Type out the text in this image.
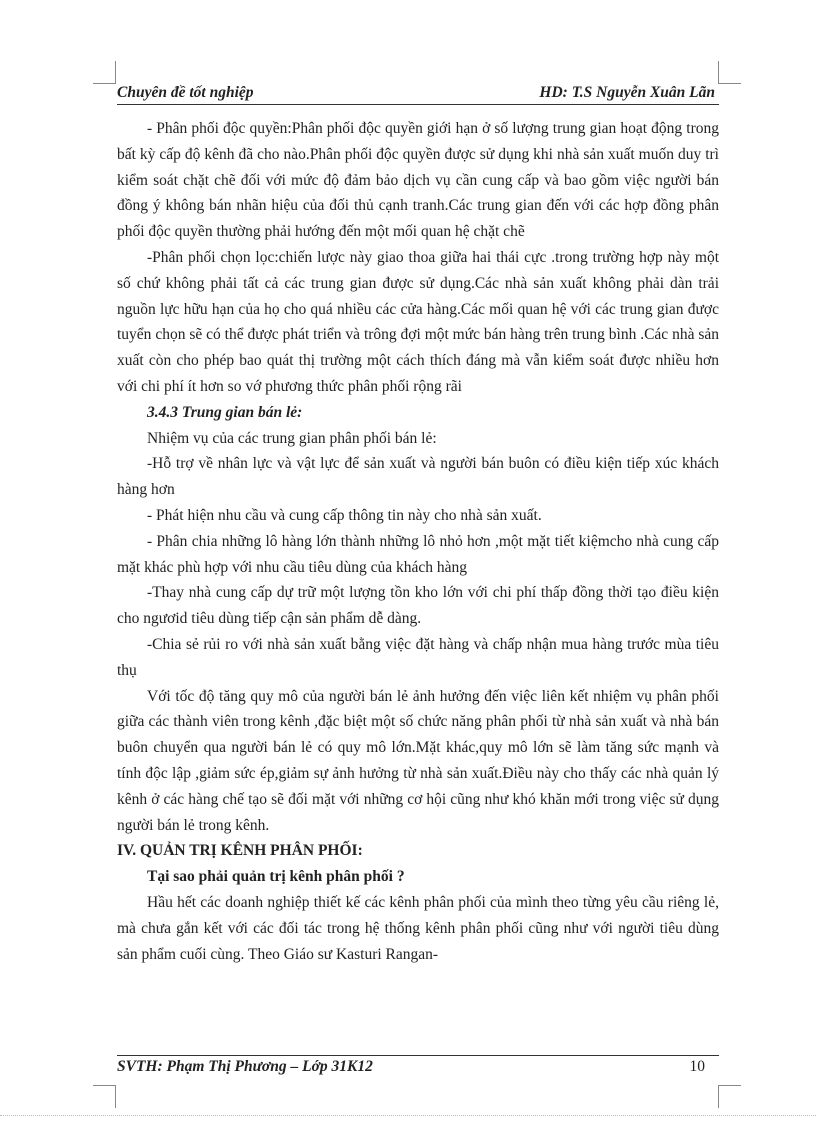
Chuyên đề tốt nghiệp	HD: T.S Nguyễn Xuân Lãn

- Phân phối độc quyền:Phân phối độc quyền giới hạn ở số lượng trung gian hoạt động trong bất kỳ cấp độ kênh đã cho nào.Phân phối độc quyền được sử dụng khi nhà sản xuất muốn duy trì kiểm soát chặt chẽ đối với mức độ đảm bảo dịch vụ cần cung cấp và bao gồm việc người bán đồng ý không bán nhãn hiệu của đối thủ cạnh tranh.Các trung gian đến với các hợp đồng phân phối độc quyền thường phải hướng đến một mối quan hệ chặt chẽ

-Phân phối chọn lọc:chiến lược này giao thoa giữa hai thái cực .trong trường hợp này một số chứ không phải tất cả các trung gian được sử dụng.Các nhà sản xuất không phải dàn trải nguồn lực hữu hạn của họ cho quá nhiều các cửa hàng.Các mối quan hệ với các trung gian được tuyển chọn sẽ có thể được phát triển và trông đợi một mức bán hàng trên trung bình .Các nhà sản xuất còn cho phép bao quát thị trường một cách thích đáng mà vẫn kiểm soát được nhiều hơn với chi phí ít hơn so vớ phương thức phân phối rộng rãi

3.4.3 Trung gian bán lẻ:

Nhiệm vụ của các trung gian phân phối bán lẻ:

-Hỗ trợ về nhân lực và vật lực để sản xuất và người bán buôn có điều kiện tiếp xúc khách hàng hơn

- Phát hiện nhu cầu và cung cấp thông tin này cho nhà sản xuất.

- Phân chia những lô hàng lớn thành những lô nhỏ hơn ,một mặt tiết kiệmcho nhà cung cấp mặt khác phù hợp với nhu cầu tiêu dùng của khách hàng

-Thay nhà cung cấp dự trữ một lượng tồn kho lớn với chi phí thấp đồng thời tạo điều kiện cho ngươid tiêu dùng tiếp cận sản phẩm dễ dàng.

-Chia sẻ rủi ro với nhà sản xuất bằng việc đặt hàng và chấp nhận mua hàng trước mùa tiêu thụ

Với tốc độ tăng quy mô của người bán lẻ ảnh hưởng đến việc liên kết nhiệm vụ phân phối giữa các thành viên trong kênh ,đặc biệt một số chức năng phân phối từ nhà sản xuất và nhà bán buôn chuyển qua người bán lẻ có quy mô lớn.Mặt khác,quy mô lớn sẽ làm tăng sức mạnh và tính độc lập ,giảm sức ép,giảm sự ảnh hưởng từ nhà sản xuất.Điều này cho thấy các nhà quản lý kênh ở các hàng chế tạo sẽ đối mặt với những cơ hội cũng như khó khăn mới trong việc sử dụng người bán lẻ trong kênh.

IV. QUẢN TRỊ KÊNH PHÂN PHỐI:

Tại sao phải quản trị kênh phân phối ?

Hầu hết các doanh nghiệp thiết kế các kênh phân phối của mình theo từng yêu cầu riêng lẻ, mà chưa gắn kết với các đối tác trong hệ thống kênh phân phối cũng như với người tiêu dùng sản phẩm cuối cùng. Theo Giáo sư Kasturi Rangan-

SVTH: Phạm Thị Phương – Lớp 31K12	10
